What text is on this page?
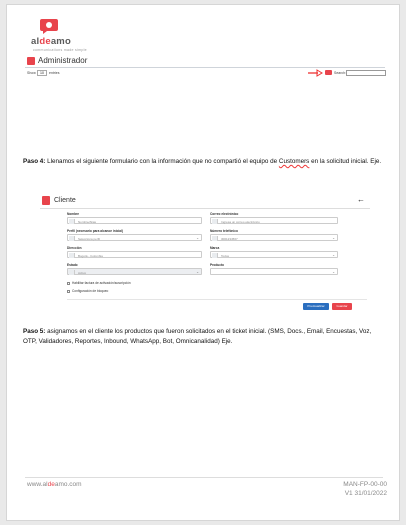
aldeamo
communications made simple
Administrador
Show	10	entries	Search:

Paso 4: Llenamos el siguiente formulario con la información que no compartió el equipo de Customers en la solicitud inicial. Eje.

Cliente	←
Nombre
Nombre/Alias
Correo electrónico
Ingresa un correo electrónico
Perfil (necesario para alcance inicial)
Selecciona perfil	⌄
Número telefónico
3001234567	⌄
Dirección
Bogotá - Colombia
Marca
Todos	⌄
Estado
Activo	⌄
Producto
⌄
Habilitar factura de activación/suscripción
Configuración de bloqueo
Previsualizar	Guardar

Paso 5: asignamos en el cliente los productos que fueron solicitados en el ticket inicial. (SMS, Docs., Email, Encuestas, Voz, OTP, Validadores, Reportes, Inbound, WhatsApp, Bot, Omnicanalidad) Eje.

www.aldeamo.com	MAN-FP-00-00
V1 31/01/2022
